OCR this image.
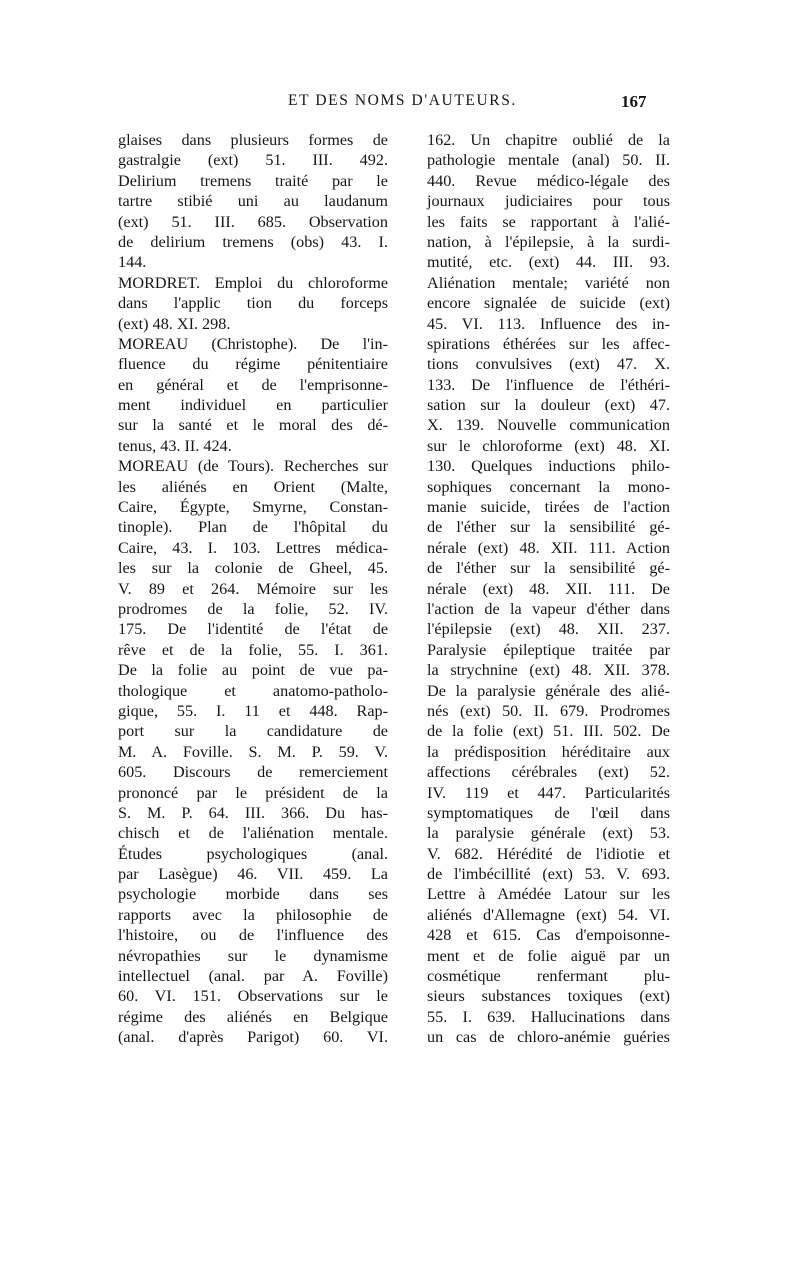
ET DES NOMS D'AUTEURS.	167
glaises dans plusieurs formes de
gastralgie (ext) 51. III. 492.
Delirium tremens traité par le
tartre stibié uni au laudanum
(ext) 51. III. 685. Observation
de delirium tremens (obs) 43. I.
144.
MORDRET. Emploi du chloroforme
dans l'applic tion du forceps
(ext) 48. XI. 298.
MOREAU (Christophe). De l'in-
fluence du régime pénitentiaire
en général et de l'emprisonne-
ment individuel en particulier
sur la santé et le moral des dé-
tenus, 43. II. 424.
MOREAU (de Tours). Recherches sur
les aliénés en Orient (Malte,
Caire, Égypte, Smyrne, Constan-
tinople). Plan de l'hôpital du
Caire, 43. I. 103. Lettres médica-
les sur la colonie de Gheel, 45.
V. 89 et 264. Mémoire sur les
prodromes de la folie, 52. IV.
175. De l'identité de l'état de
rêve et de la folie, 55. I. 361.
De la folie au point de vue pa-
thologique et anatomo-patholo-
gique, 55. I. 11 et 448. Rap-
port sur la candidature de
M. A. Foville. S. M. P. 59. V.
605. Discours de remerciement
prononcé par le président de la
S. M. P. 64. III. 366. Du has-
chisch et de l'aliénation mentale.
Études psychologiques (anal.
par Lasègue) 46. VII. 459. La
psychologie morbide dans ses
rapports avec la philosophie de
l'histoire, ou de l'influence des
névropathies sur le dynamisme
intellectuel (anal. par A. Foville)
60. VI. 151. Observations sur le
régime des aliénés en Belgique
(anal. d'après Parigot) 60. VI.
162. Un chapitre oublié de la
pathologie mentale (anal) 50. II.
440. Revue médico-légale des
journaux judiciaires pour tous
les faits se rapportant à l'alié-
nation, à l'épilepsie, à la surdi-
mutité, etc. (ext) 44. III. 93.
Aliénation mentale; variété non
encore signalée de suicide (ext)
45. VI. 113. Influence des in-
spirations éthérées sur les affec-
tions convulsives (ext) 47. X.
133. De l'influence de l'éthéri-
sation sur la douleur (ext) 47.
X. 139. Nouvelle communication
sur le chloroforme (ext) 48. XI.
130. Quelques inductions philo-
sophiques concernant la mono-
manie suicide, tirées de l'action
de l'éther sur la sensibilité gé-
nérale (ext) 48. XII. 111. Action
de l'éther sur la sensibilité gé-
nérale (ext) 48. XII. 111. De
l'action de la vapeur d'éther dans
l'épilepsie (ext) 48. XII. 237.
Paralysie épileptique traitée par
la strychnine (ext) 48. XII. 378.
De la paralysie générale des alié-
nés (ext) 50. II. 679. Prodromes
de la folie (ext) 51. III. 502. De
la prédisposition héréditaire aux
affections cérébrales (ext) 52.
IV. 119 et 447. Particularités
symptomatiques de l'œil dans
la paralysie générale (ext) 53.
V. 682. Hérédité de l'idiotie et
de l'imbécillité (ext) 53. V. 693.
Lettre à Amédée Latour sur les
aliénés d'Allemagne (ext) 54. VI.
428 et 615. Cas d'empoisonne-
ment et de folie aiguë par un
cosmétique renfermant plu-
sieurs substances toxiques (ext)
55. I. 639. Hallucinations dans
un cas de chloro-anémie guéries
